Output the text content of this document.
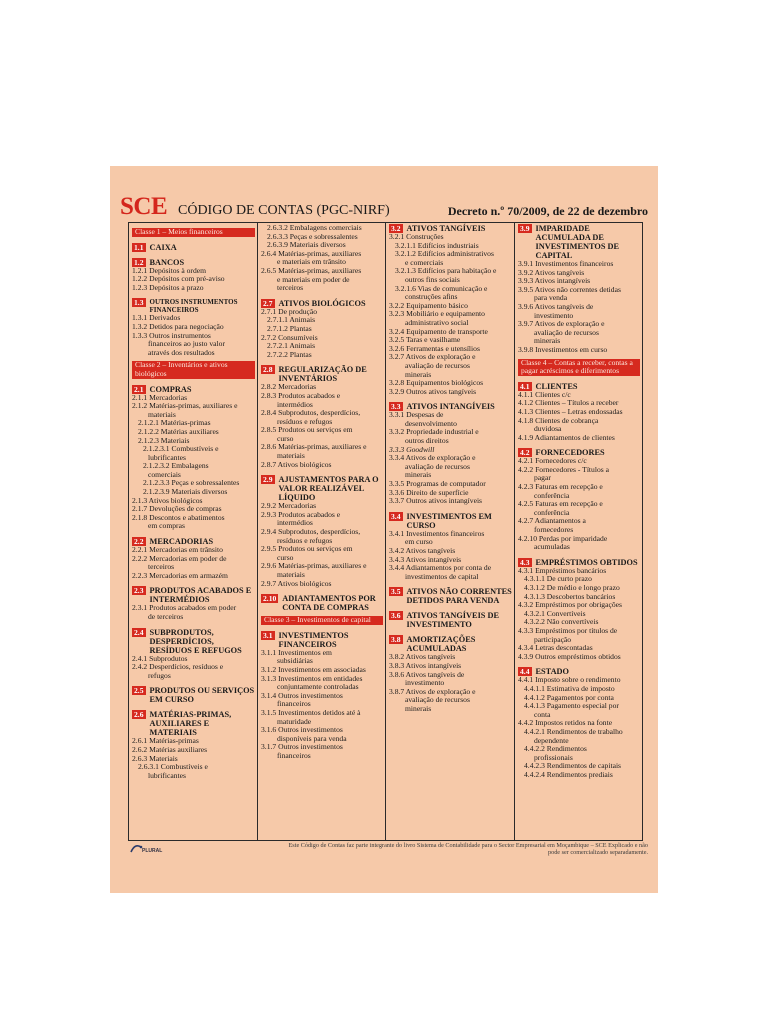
SCE CÓDIGO DE CONTAS (PGC-NIRF)	Decreto n.º 70/2009, de 22 de dezembro
Classe 1 – Meios financeiros
1.1 CAIXA
1.2 BANCOS
1.2.1 Depósitos à ordem
1.2.2 Depósitos com pré-aviso
1.2.3 Depósitos a prazo
1.3 OUTROS INSTRUMENTOS FINANCEIROS
1.3.1 Derivados
1.3.2 Detidos para negociação
1.3.3 Outros instrumentos
financeiros ao justo valor
através dos resultados
Classe 2 – Inventários e ativos biológicos
2.1 COMPRAS
2.1.1 Mercadorias
2.1.2 Matérias-primas, auxiliares e
materiais
2.1.2.1 Matérias-primas
2.1.2.2 Matérias auxiliares
2.1.2.3 Materiais
2.1.2.3.1 Combustíveis e
lubrificantes
2.1.2.3.2 Embalagens
comerciais
2.1.2.3.3 Peças e sobressalentes
2.1.2.3.9 Materiais diversos
2.1.3 Ativos biológicos
2.1.7 Devoluções de compras
2.1.8 Descontos e abatimentos
em compras
2.2 MERCADORIAS
2.2.1 Mercadorias em trânsito
2.2.2 Mercadorias em poder de
terceiros
2.2.3 Mercadorias em armazém
2.3 PRODUTOS ACABADOS E INTERMÉDIOS
2.3.1 Produtos acabados em poder
de terceiros
2.4 SUBPRODUTOS, DESPERDÍCIOS, RESÍDUOS E REFUGOS
2.4.1 Subprodutos
2.4.2 Desperdícios, resíduos e
refugos
2.5 PRODUTOS OU SERVIÇOS EM CURSO
2.6 MATÉRIAS-PRIMAS, AUXILIARES E MATERIAIS
2.6.1 Matérias-primas
2.6.2 Matérias auxiliares
2.6.3 Materiais
2.6.3.1 Combustíveis e
lubrificantes
2.6.3.2 Embalagens comerciais
2.6.3.3 Peças e sobressalentes
2.6.3.9 Materiais diversos
2.6.4 Matérias-primas, auxiliares
e materiais em trânsito
2.6.5 Matérias-primas, auxiliares
e materiais em poder de
terceiros
2.7 ATIVOS BIOLÓGICOS
2.7.1 De produção
2.7.1.1 Animais
2.7.1.2 Plantas
2.7.2 Consumíveis
2.7.2.1 Animais
2.7.2.2 Plantas
2.8 REGULARIZAÇÃO DE INVENTÁRIOS
2.8.2 Mercadorias
2.8.3 Produtos acabados e
intermédios
2.8.4 Subprodutos, desperdícios,
resíduos e refugos
2.8.5 Produtos ou serviços em
curso
2.8.6 Matérias-primas, auxiliares e
materiais
2.8.7 Ativos biológicos
2.9 AJUSTAMENTOS PARA O VALOR REALIZÁVEL LÍQUIDO
2.9.2 Mercadorias
2.9.3 Produtos acabados e
intermédios
2.9.4 Subprodutos, desperdícios,
resíduos e refugos
2.9.5 Produtos ou serviços em
curso
2.9.6 Matérias-primas, auxiliares e
materiais
2.9.7 Ativos biológicos
2.10 ADIANTAMENTOS POR CONTA DE COMPRAS
Classe 3 – Investimentos de capital
3.1 INVESTIMENTOS FINANCEIROS
3.1.1 Investimentos em
subsidiárias
3.1.2 Investimentos em associadas
3.1.3 Investimentos em entidades
conjuntamente controladas
3.1.4 Outros investimentos
financeiros
3.1.5 Investimentos detidos até à
maturidade
3.1.6 Outros investimentos
disponíveis para venda
3.1.7 Outros investimentos
financeiros
3.2 ATIVOS TANGÍVEIS
3.2.1 Construções
3.2.1.1 Edifícios industriais
3.2.1.2 Edifícios administrativos
e comerciais
3.2.1.3 Edifícios para habitação e
outros fins sociais
3.2.1.6 Vias de comunicação e
construções afins
3.2.2 Equipamento básico
3.2.3 Mobiliário e equipamento
administrativo social
3.2.4 Equipamento de transporte
3.2.5 Taras e vasilhame
3.2.6 Ferramentas e utensílios
3.2.7 Ativos de exploração e
avaliação de recursos
minerais
3.2.8 Equipamentos biológicos
3.2.9 Outros ativos tangíveis
3.3 ATIVOS INTANGÍVEIS
3.3.1 Despesas de
desenvolvimento
3.3.2 Propriedade industrial e
outros direitos
3.3.3 Goodwill
3.3.4 Ativos de exploração e
avaliação de recursos
minerais
3.3.5 Programas de computador
3.3.6 Direito de superfície
3.3.7 Outros ativos intangíveis
3.4 INVESTIMENTOS EM CURSO
3.4.1 Investimentos financeiros
em curso
3.4.2 Ativos tangíveis
3.4.3 Ativos intangíveis
3.4.4 Adiantamentos por conta de
investimentos de capital
3.5 ATIVOS NÃO CORRENTES DETIDOS PARA VENDA
3.6 ATIVOS TANGÍVEIS DE INVESTIMENTO
3.8 AMORTIZAÇÕES ACUMULADAS
3.8.2 Ativos tangíveis
3.8.3 Ativos intangíveis
3.8.6 Ativos tangíveis de
investimento
3.8.7 Ativos de exploração e
avaliação de recursos
minerais
3.9 IMPARIDADE ACUMULADA DE INVESTIMENTOS DE CAPITAL
3.9.1 Investimentos financeiros
3.9.2 Ativos tangíveis
3.9.3 Ativos intangíveis
3.9.5 Ativos não correntes detidas
para venda
3.9.6 Ativos tangíveis de
investimento
3.9.7 Ativos de exploração e
avaliação de recursos
minerais
3.9.8 Investimentos em curso
Classe 4 – Contas a receber, contas a pagar acréscimos e diferimentos
4.1 CLIENTES
4.1.1 Clientes c/c
4.1.2 Clientes – Títulos a receber
4.1.3 Clientes – Letras endossadas
4.1.8 Clientes de cobrança
duvidosa
4.1.9 Adiantamentos de clientes
4.2 FORNECEDORES
4.2.1 Fornecedores c/c
4.2.2 Fornecedores - Títulos a
pagar
4.2.3 Faturas em recepção e
conferência
4.2.5 Faturas em recepção e
conferência
4.2.7 Adiantamentos a
fornecedores
4.2.10 Perdas por imparidade
acumuladas
4.3 EMPRÉSTIMOS OBTIDOS
4.3.1 Empréstimos bancários
4.3.1.1 De curto prazo
4.3.1.2 De médio e longo prazo
4.3.1.3 Descobertos bancários
4.3.2 Empréstimos por obrigações
4.3.2.1 Convertíveis
4.3.2.2 Não convertíveis
4.3.3 Empréstimos por títulos de
participação
4.3.4 Letras descontadas
4.3.9 Outros empréstimos obtidos
4.4 ESTADO
4.4.1 Imposto sobre o rendimento
4.4.1.1 Estimativa de imposto
4.4.1.2 Pagamentos por conta
4.4.1.3 Pagamento especial por
conta
4.4.2 Impostos retidos na fonte
4.4.2.1 Rendimentos de trabalho
dependente
4.4.2.2 Rendimentos
profissionais
4.4.2.3 Rendimentos de capitais
4.4.2.4 Rendimentos prediais
PLURAL
Este Código de Contas faz parte integrante do livro Sistema de Contabilidade para o Sector Empresarial em Moçambique – SCE Explicado e não pode ser comercializado separadamente.
